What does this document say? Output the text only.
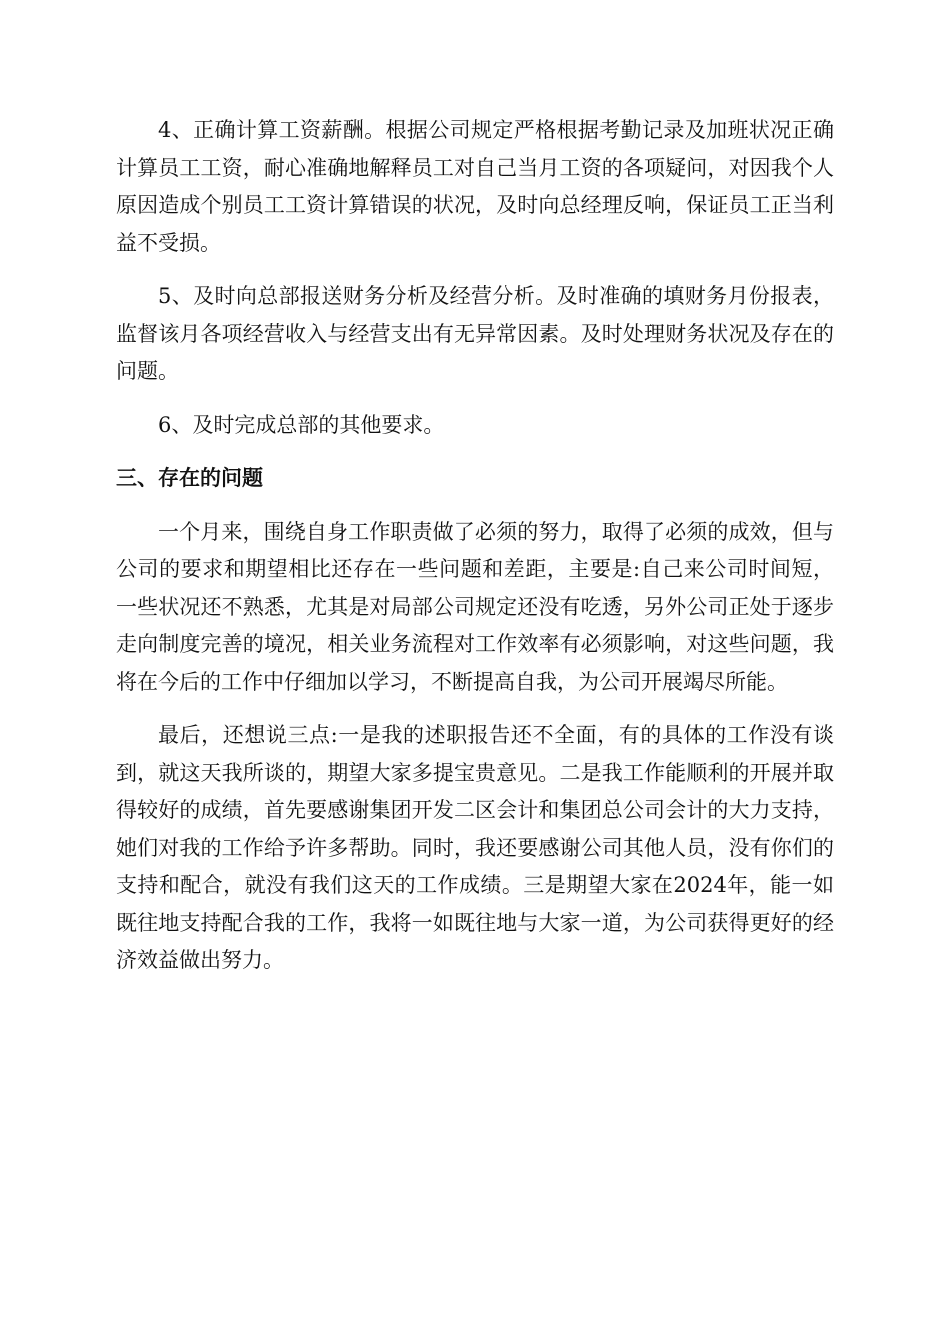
4、正确计算工资薪酬。根据公司规定严格根据考勤记录及加班状况正确计算员工工资，耐心准确地解释员工对自己当月工资的各项疑问，对因我个人原因造成个别员工工资计算错误的状况，及时向总经理反响，保证员工正当利益不受损。

5、及时向总部报送财务分析及经营分析。及时准确的填财务月份报表，监督该月各项经营收入与经营支出有无异常因素。及时处理财务状况及存在的问题。

6、及时完成总部的其他要求。

三、存在的问题

一个月来，围绕自身工作职责做了必须的努力，取得了必须的成效，但与公司的要求和期望相比还存在一些问题和差距，主要是:自己来公司时间短，一些状况还不熟悉，尤其是对局部公司规定还没有吃透，另外公司正处于逐步走向制度完善的境况，相关业务流程对工作效率有必须影响，对这些问题，我将在今后的工作中仔细加以学习，不断提高自我，为公司开展竭尽所能。

最后，还想说三点:一是我的述职报告还不全面，有的具体的工作没有谈到，就这天我所谈的，期望大家多提宝贵意见。二是我工作能顺利的开展并取得较好的成绩，首先要感谢集团开发二区会计和集团总公司会计的大力支持，她们对我的工作给予许多帮助。同时，我还要感谢公司其他人员，没有你们的支持和配合，就没有我们这天的工作成绩。三是期望大家在2024年，能一如既往地支持配合我的工作，我将一如既往地与大家一道，为公司获得更好的经济效益做出努力。
